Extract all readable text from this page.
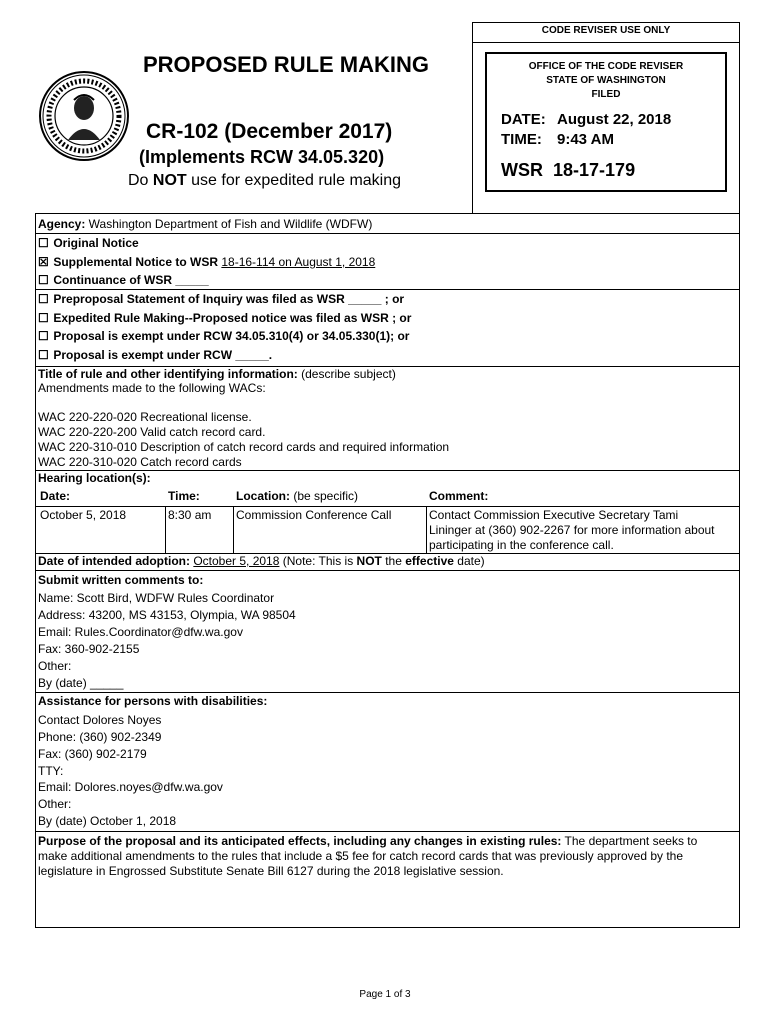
PROPOSED RULE MAKING
CR-102 (December 2017)
(Implements RCW 34.05.320)
Do NOT use for expedited rule making
CODE REVISER USE ONLY
OFFICE OF THE CODE REVISER
STATE OF WASHINGTON
FILED
DATE: August 22, 2018
TIME: 9:43 AM
WSR 18-17-179
Agency: Washington Department of Fish and Wildlife (WDFW)
☐ Original Notice
☒ Supplemental Notice to WSR 18-16-114 on August 1, 2018
☐ Continuance of WSR _____
☐ Preproposal Statement of Inquiry was filed as WSR _____ ; or
☐ Expedited Rule Making--Proposed notice was filed as WSR ; or
☐ Proposal is exempt under RCW 34.05.310(4) or 34.05.330(1); or
☐ Proposal is exempt under RCW _____.
Title of rule and other identifying information: (describe subject)
Amendments made to the following WACs:
WAC 220-220-020 Recreational license.
WAC 220-220-200 Valid catch record card.
WAC 220-310-010 Description of catch record cards and required information
WAC 220-310-020 Catch record cards
Hearing location(s):
Date:	Time:	Location: (be specific)	Comment:
October 5, 2018	8:30 am Commission Conference Call	Contact Commission Executive Secretary Tami
Lininger at (360) 902-2267 for more information about
participating in the conference call.
Date of intended adoption: October 5, 2018 (Note: This is NOT the effective date)
Submit written comments to:
Name: Scott Bird, WDFW Rules Coordinator
Address: 43200, MS 43153, Olympia, WA 98504
Email: Rules.Coordinator@dfw.wa.gov
Fax: 360-902-2155
Other:
By (date) _____
Assistance for persons with disabilities:
Contact Dolores Noyes
Phone: (360) 902-2349
Fax: (360) 902-2179
TTY:
Email: Dolores.noyes@dfw.wa.gov
Other:
By (date) October 1, 2018
Purpose of the proposal and its anticipated effects, including any changes in existing rules: The department seeks to
make additional amendments to the rules that include a $5 fee for catch record cards that was previously approved by the
legislature in Engrossed Substitute Senate Bill 6127 during the 2018 legislative session.
Page 1 of 3
